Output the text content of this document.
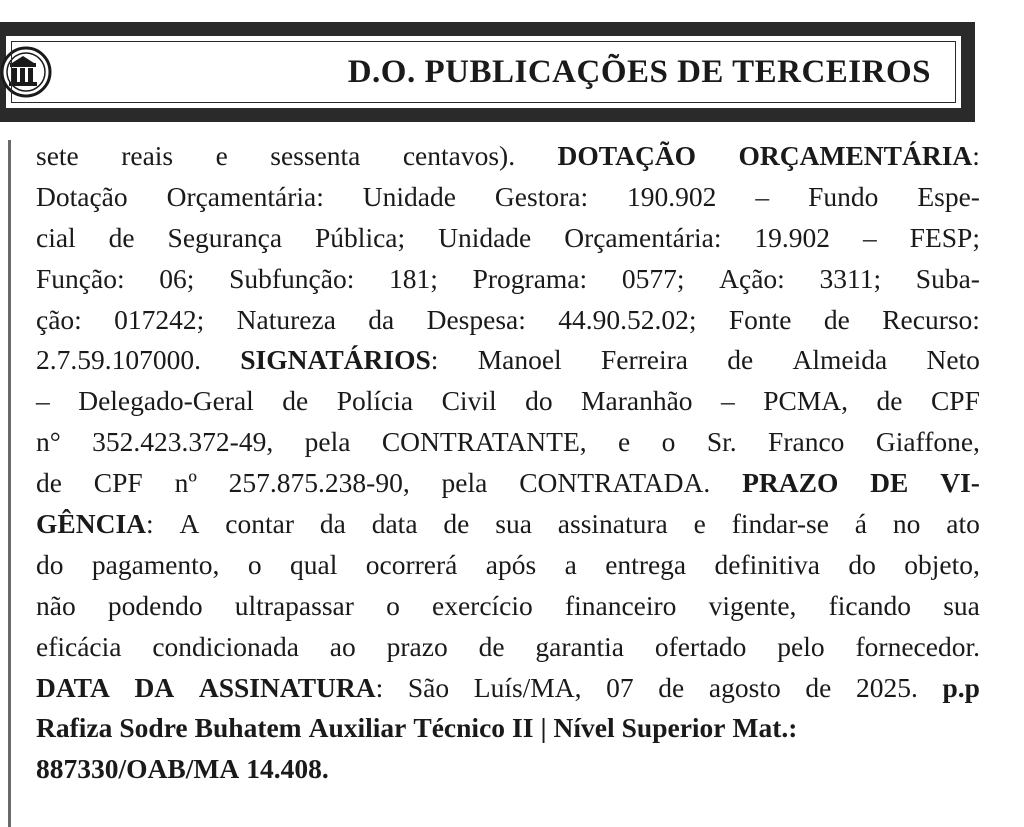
D.O. PUBLICAÇÕES DE TERCEIROS
sete reais e sessenta centavos). DOTAÇÃO ORÇAMENTÁRIA:
Dotação Orçamentária: Unidade Gestora: 190.902 – Fundo Espe-
cial de Segurança Pública; Unidade Orçamentária: 19.902 – FESP;
Função: 06; Subfunção: 181; Programa: 0577; Ação: 3311; Suba-
ção: 017242; Natureza da Despesa: 44.90.52.02; Fonte de Recurso:
2.7.59.107000. SIGNATÁRIOS: Manoel Ferreira de Almeida Neto
– Delegado-Geral de Polícia Civil do Maranhão – PCMA, de CPF
n° 352.423.372-49, pela CONTRATANTE, e o Sr. Franco Giaffone,
de CPF nº 257.875.238-90, pela CONTRATADA. PRAZO DE VI-
GÊNCIA: A contar da data de sua assinatura e findar-se á no ato
do pagamento, o qual ocorrerá após a entrega definitiva do objeto,
não podendo ultrapassar o exercício financeiro vigente, ficando sua
eficácia condicionada ao prazo de garantia ofertado pelo fornecedor.
DATA DA ASSINATURA: São Luís/MA, 07 de agosto de 2025. p.p
Rafiza Sodre Buhatem Auxiliar Técnico II | Nível Superior Mat.:
887330/OAB/MA 14.408.
